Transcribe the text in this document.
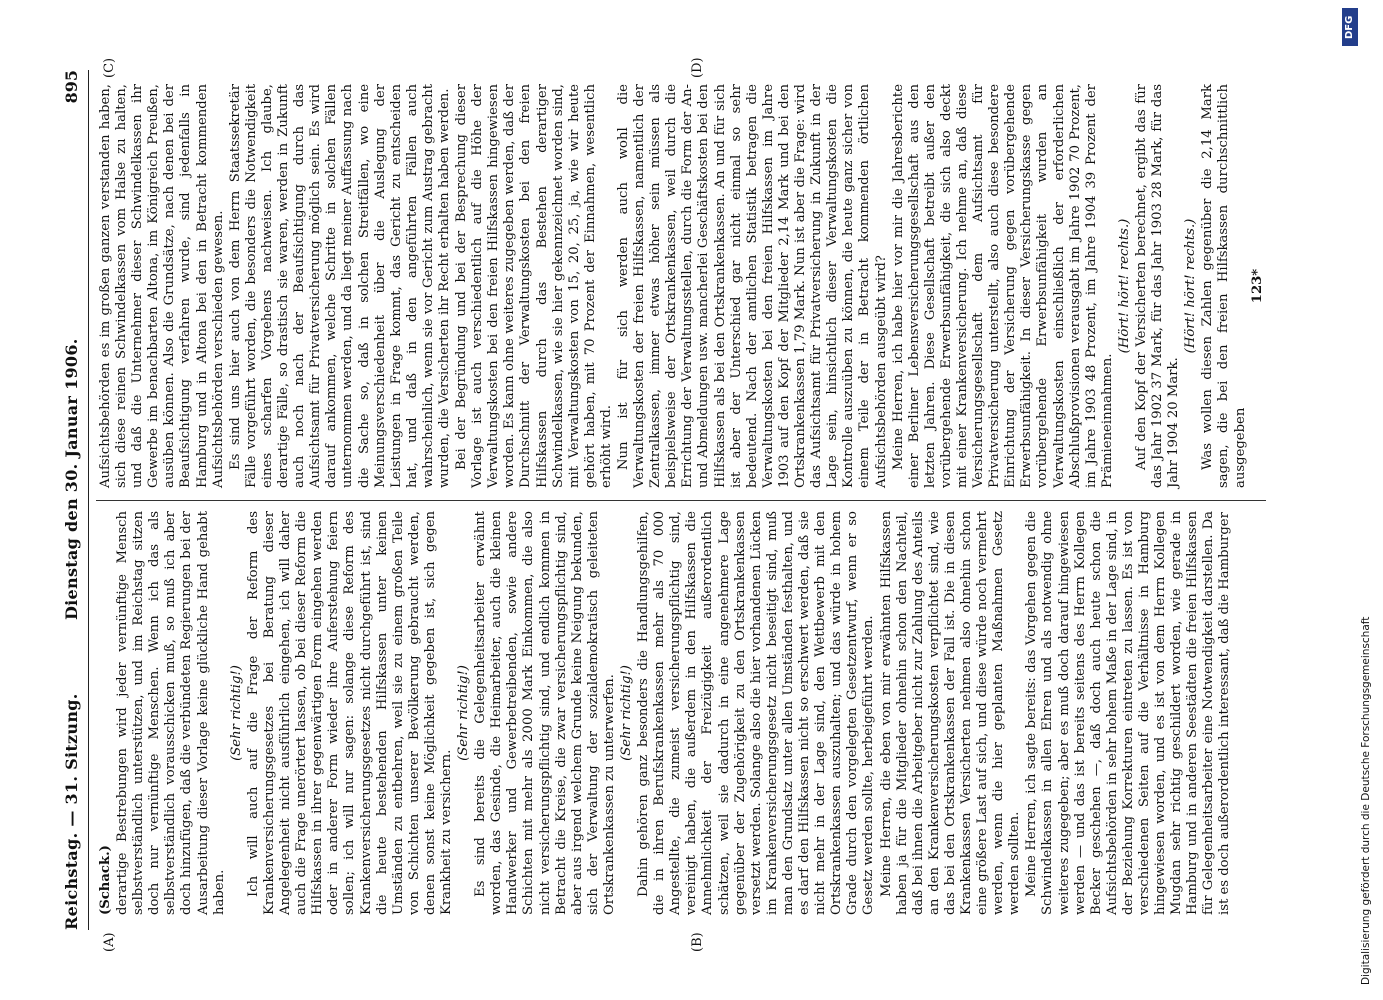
Reichstag. — 31. Sitzung.
Dienstag den 30. Januar 1906.
895
(A)	(B)
(C)	(D)

(Schack.) derartige Bestrebungen wird jeder vernünftige Mensch selbstverständlich unterstützen, und im Reichstag sitzen doch nur vernünftige Menschen. Wenn ich das als selbstverständlich vorausschicken muß, so muß ich aber doch hinzufügen, daß die verbündeten Regierungen bei der Ausarbeitung dieser Vorlage keine glückliche Hand gehabt haben.

(Sehr richtig!) Ich will auch auf die Frage der Reform des Krankenversicherungsgesetzes bei Beratung dieser Angelegenheit nicht ausführlich eingehen, ich will daher auch die Frage unerörtert lassen, ob bei dieser Reform die Hilfskassen in ihrer gegenwärtigen Form eingehen werden oder in anderer Form wieder ihre Auferstehung feiern sollen; ich will nur sagen: solange diese Reform des Krankenversicherungsgesetzes nicht durchgeführt ist, sind die heute bestehenden Hilfskassen unter keinen Umständen zu entbehren, weil sie zu einem großen Teile von Schichten unserer Bevölkerung gebraucht werden, denen sonst keine Möglichkeit gegeben ist, sich gegen Krankheit zu versichern.

(Sehr richtig!) Es sind bereits die Gelegenheitsarbeiter erwähnt worden, das Gesinde, die Heimarbeiter, auch die kleinen Handwerker und Gewerbetreibenden, sowie andere Schichten mit mehr als 2000 Mark Einkommen, die also nicht versicherungspflichtig sind, und endlich kommen in Betracht die Kreise, die zwar versicherungspflichtig sind, aber aus irgend welchem Grunde keine Neigung bekunden, sich der Verwaltung der sozialdemokratisch geleiteten Ortskrankenkassen zu unterwerfen. (Sehr richtig!) Dahin gehören ganz besonders die Handlungsgehilfen, die in ihren Berufskrankenkassen mehr als 70 000 Angestellte, die zumeist versicherungspflichtig sind, vereinigt haben, die außerdem in den Hilfskassen die Annehmlichkeit der Freizügigkeit außerordentlich schätzen, weil sie dadurch in eine angenehmere Lage gegenüber der Zugehörigkeit zu den Ortskrankenkassen versetzt werden. Solange also die hier vorhandenen Lücken im Krankenversicherungsgesetz nicht beseitigt sind, muß man den Grundsatz unter allen Umständen festhalten, und es darf den Hilfskassen nicht so erschwert werden, daß sie nicht mehr in der Lage sind, den Wettbewerb mit den Ortskrankenkassen auszuhalten; und das würde in hohem Grade durch den vorgelegten Gesetzentwurf, wenn er so Gesetz werden sollte, herbeigeführt werden. Meine Herren, die eben von mir erwähnten Hilfskassen haben ja für die Mitglieder ohnehin schon den Nachteil, daß bei ihnen die Arbeitgeber nicht zur Zahlung des Anteils an den Krankenversicherungskosten verpflichtet sind, wie das bei den Ortskrankenkassen der Fall ist. Die in diesen Krankenkassen Versicherten nehmen also ohnehin schon eine größere Last auf sich, und diese würde noch vermehrt werden, wenn die hier geplanten Maßnahmen Gesetz werden sollten. Meine Herren, ich sagte bereits: das Vorgehen gegen die Schwindelkassen in allen Ehren und als notwendig ohne weiteres zugegeben; aber es muß doch darauf hingewiesen werden — und das ist bereits seitens des Herrn Kollegen Becker geschehen —, daß doch auch heute schon die Aufsichtsbehörden in sehr hohem Maße in der Lage sind, in der Beziehung Korrekturen eintreten zu lassen. Es ist von verschiedenen Seiten auf die Verhältnisse in Hamburg hingewiesen worden, und es ist von dem Herrn Kollegen Mugdan sehr richtig geschildert worden, wie gerade in Hamburg und in anderen Seestädten die freien Hilfskassen für Gelegenheitsarbeiter eine Notwendigkeit darstellen. Da ist es doch außerordentlich interessant, daß die Hamburger

Aufsichtsbehörden es im großen ganzen verstanden haben, sich diese reinen Schwindelkassen vom Halse zu halten, und daß die Unternehmer dieser Schwindelkassen ihr Gewerbe im benachbarten Altona, im Königreich Preußen, ausüben können. Also die Grundsätze, nach denen bei der Beaufsichtigung verfahren wurde, sind jedenfalls in Hamburg und in Altona bei den in Betracht kommenden Aufsichtsbehörden verschieden gewesen. Es sind uns hier auch von dem Herrn Staatssekretär Fälle vorgeführt worden, die besonders die Notwendigkeit eines scharfen Vorgehens nachweisen. Ich glaube, derartige Fälle, so drastisch sie waren, werden in Zukunft auch noch nach der Beaufsichtigung durch das Aufsichtsamt für Privatversicherung möglich sein. Es wird darauf ankommen, welche Schritte in solchen Fällen unternommen werden, und da liegt meiner Auffassung nach die Sache so, daß in solchen Streitfällen, wo eine Meinungsverschiedenheit über die Auslegung der Leistungen in Frage kommt, das Gericht zu entscheiden hat, und daß in den angeführten Fällen auch wahrscheinlich, wenn sie vor Gericht zum Austrag gebracht wurden, die Versicherten ihr Recht erhalten haben werden. Bei der Begründung und bei der Besprechung dieser Vorlage ist auch verschiedentlich auf die Höhe der Verwaltungskosten bei den freien Hilfskassen hingewiesen worden. Es kann ohne weiteres zugegeben werden, daß der Durchschnitt der Verwaltungskosten bei den freien Hilfskassen durch das Bestehen derartiger Schwindelkassen, wie sie hier gekennzeichnet worden sind, mit Verwaltungskosten von 15, 20, 25, ja, wie wir heute gehört haben, mit 70 Prozent der Einnahmen, wesentlich erhöht wird. Nun ist für sich werden auch wohl die Verwaltungskosten der freien Hilfskassen, namentlich der Zentralkassen, immer etwas höher sein müssen als beispielsweise der Ortskrankenkassen, weil durch die Errichtung der Verwaltungsstellen, durch die Form der An- und Abmeldungen usw. mancherlei Geschäftskosten bei den Hilfskassen als bei den Ortskrankenkassen. An und für sich ist aber der Unterschied gar nicht einmal so sehr bedeutend. Nach der amtlichen Statistik betragen die Verwaltungskosten bei den freien Hilfskassen im Jahre 1903 auf den Kopf der Mitglieder 2,14 Mark und bei den Ortskrankenkassen 1,79 Mark. Nun ist aber die Frage: wird das Aufsichtsamt für Privatversicherung in Zukunft in der Lage sein, hinsichtlich dieser Verwaltungskosten die Kontrolle auszuüben zu können, die heute ganz sicher von einem Teile der in Betracht kommenden örtlichen Aufsichtsbehörden ausgeübt wird? Meine Herren, ich habe hier vor mir die Jahresberichte einer Berliner Lebensversicherungsgesellschaft aus den letzten Jahren. Diese Gesellschaft betreibt außer den vorübergehende Erwerbsunfähigkeit, die sich also deckt mit einer Krankenversicherung. Ich nehme an, daß diese Versicherungsgesellschaft dem Aufsichtsamt für Privatversicherung unterstellt, also auch diese besondere Einrichtung der Versicherung gegen vorübergehende Erwerbsunfähigkeit. In dieser Versicherungskasse gegen vorübergehende Erwerbsunfähigkeit wurden an Verwaltungskosten einschließlich der erforderlichen Abschlußprovisionen verausgabt im Jahre 1902 70 Prozent, im Jahre 1903 48 Prozent, im Jahre 1904 39 Prozent der Prämieneinnahmen.

(Hört! hört! rechts.) Auf den Kopf der Versicherten berechnet, ergibt das für das Jahr 1902 37 Mark, für das Jahr 1903 28 Mark, für das Jahr 1904 20 Mark.

(Hört! hört! rechts.) Was wollen diesen Zahlen gegenüber die 2,14 Mark sagen, die bei den freien Hilfskassen durchschnittlich ausgegeben

123*

DFG
Digitalisierung gefördert durch die Deutsche Forschungsgemeinschaft
